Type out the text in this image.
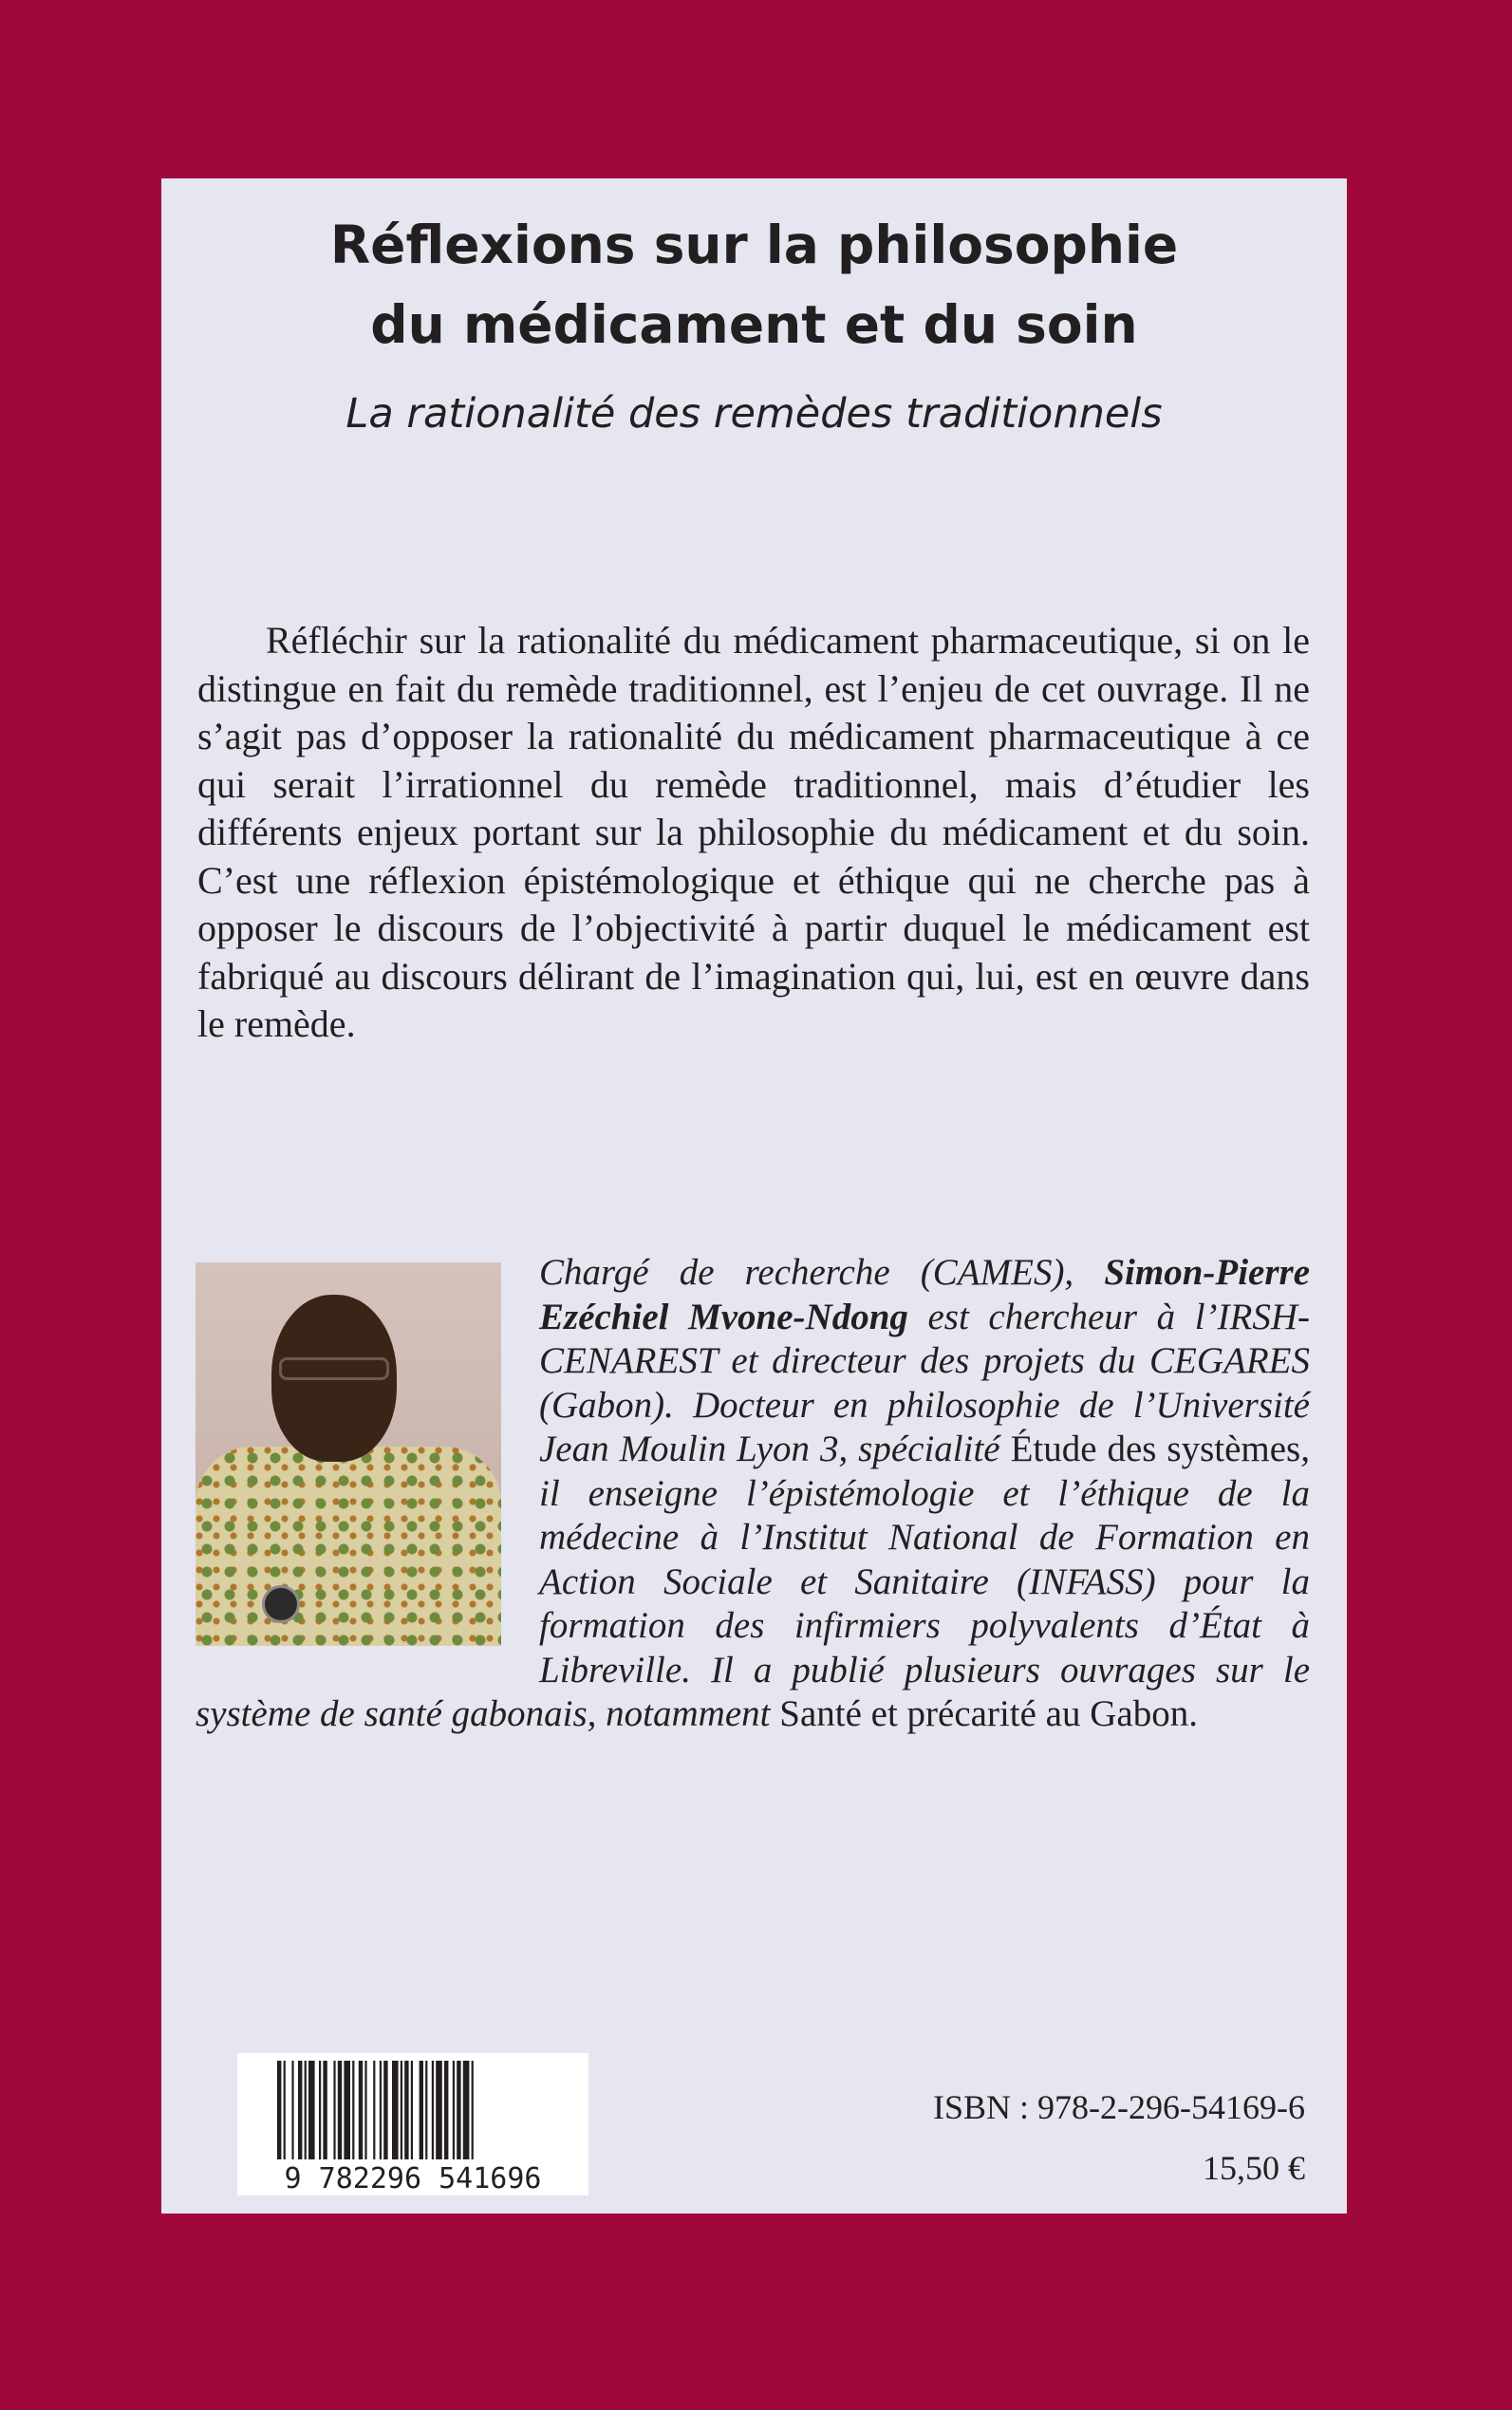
Réflexions sur la philosophie
du médicament et du soin

La rationalité des remèdes traditionnels

Réfléchir sur la rationalité du médicament pharmaceutique, si on le distingue en fait du remède traditionnel, est l’enjeu de cet ouvrage. Il ne s’agit pas d’opposer la rationalité du médicament pharmaceutique à ce qui serait l’irrationnel du remède traditionnel, mais d’étudier les différents enjeux portant sur la philosophie du médicament et du soin. C’est une réflexion épistémologique et éthique qui ne cherche pas à opposer le discours de l’objectivité à partir duquel le médicament est fabriqué au discours délirant de l’imagination qui, lui, est en œuvre dans le remède.

Chargé de recherche (CAMES), Simon-Pierre Ezéchiel Mvone-Ndong est chercheur à l’IRSH-CENAREST et directeur des projets du CEGARES (Gabon). Docteur en philosophie de l’Université Jean Moulin Lyon 3, spécialité Étude des systèmes, il enseigne l’épistémologie et l’éthique de la médecine à l’Institut National de Formation en Action Sociale et Sanitaire (INFASS) pour la formation des infirmiers polyvalents d’État à Libreville. Il a publié plusieurs ouvrages sur le système de santé gabonais, notamment Santé et précarité au Gabon.

9 782296 541696
ISBN : 978-2-296-54169-6
15,50 €
